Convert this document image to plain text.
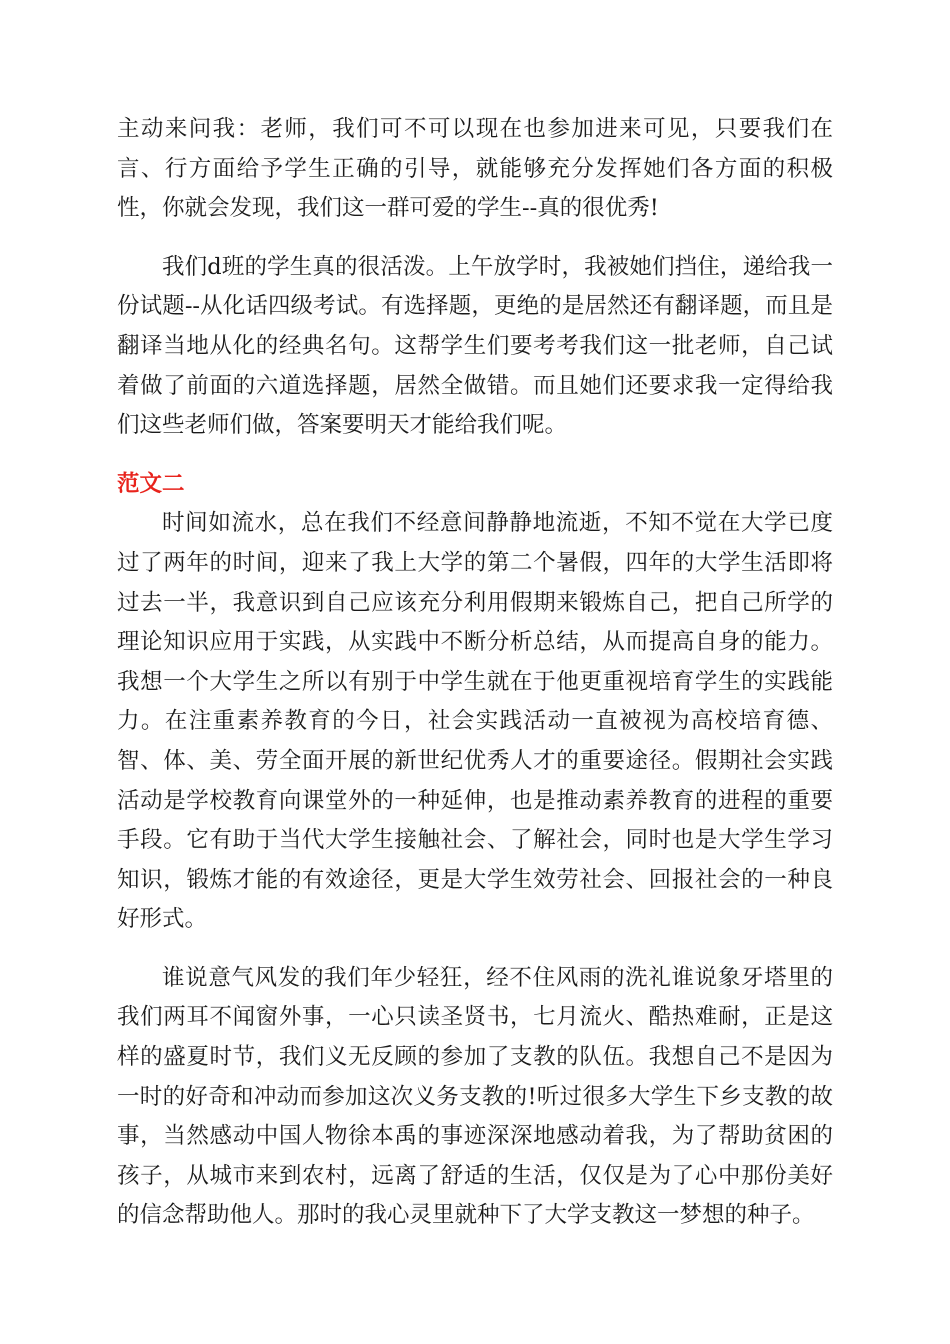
主动来问我：老师，我们可不可以现在也参加进来可见，只要我们在言、行方面给予学生正确的引导，就能够充分发挥她们各方面的积极性，你就会发现，我们这一群可爱的学生--真的很优秀!

我们d班的学生真的很活泼。上午放学时，我被她们挡住，递给我一份试题--从化话四级考试。有选择题，更绝的是居然还有翻译题，而且是翻译当地从化的经典名句。这帮学生们要考考我们这一批老师，自己试着做了前面的六道选择题，居然全做错。而且她们还要求我一定得给我们这些老师们做，答案要明天才能给我们呢。

范文二

时间如流水，总在我们不经意间静静地流逝，不知不觉在大学已度过了两年的时间，迎来了我上大学的第二个暑假，四年的大学生活即将过去一半，我意识到自己应该充分利用假期来锻炼自己，把自己所学的理论知识应用于实践，从实践中不断分析总结，从而提高自身的能力。我想一个大学生之所以有别于中学生就在于他更重视培育学生的实践能力。在注重素养教育的今日，社会实践活动一直被视为高校培育德、智、体、美、劳全面开展的新世纪优秀人才的重要途径。假期社会实践活动是学校教育向课堂外的一种延伸，也是推动素养教育的进程的重要手段。它有助于当代大学生接触社会、了解社会，同时也是大学生学习知识，锻炼才能的有效途径，更是大学生效劳社会、回报社会的一种良好形式。

谁说意气风发的我们年少轻狂，经不住风雨的洗礼谁说象牙塔里的我们两耳不闻窗外事，一心只读圣贤书，七月流火、酷热难耐，正是这样的盛夏时节，我们义无反顾的参加了支教的队伍。我想自己不是因为一时的好奇和冲动而参加这次义务支教的!听过很多大学生下乡支教的故事，当然感动中国人物徐本禹的事迹深深地感动着我，为了帮助贫困的孩子，从城市来到农村，远离了舒适的生活，仅仅是为了心中那份美好的信念帮助他人。那时的我心灵里就种下了大学支教这一梦想的种子。
